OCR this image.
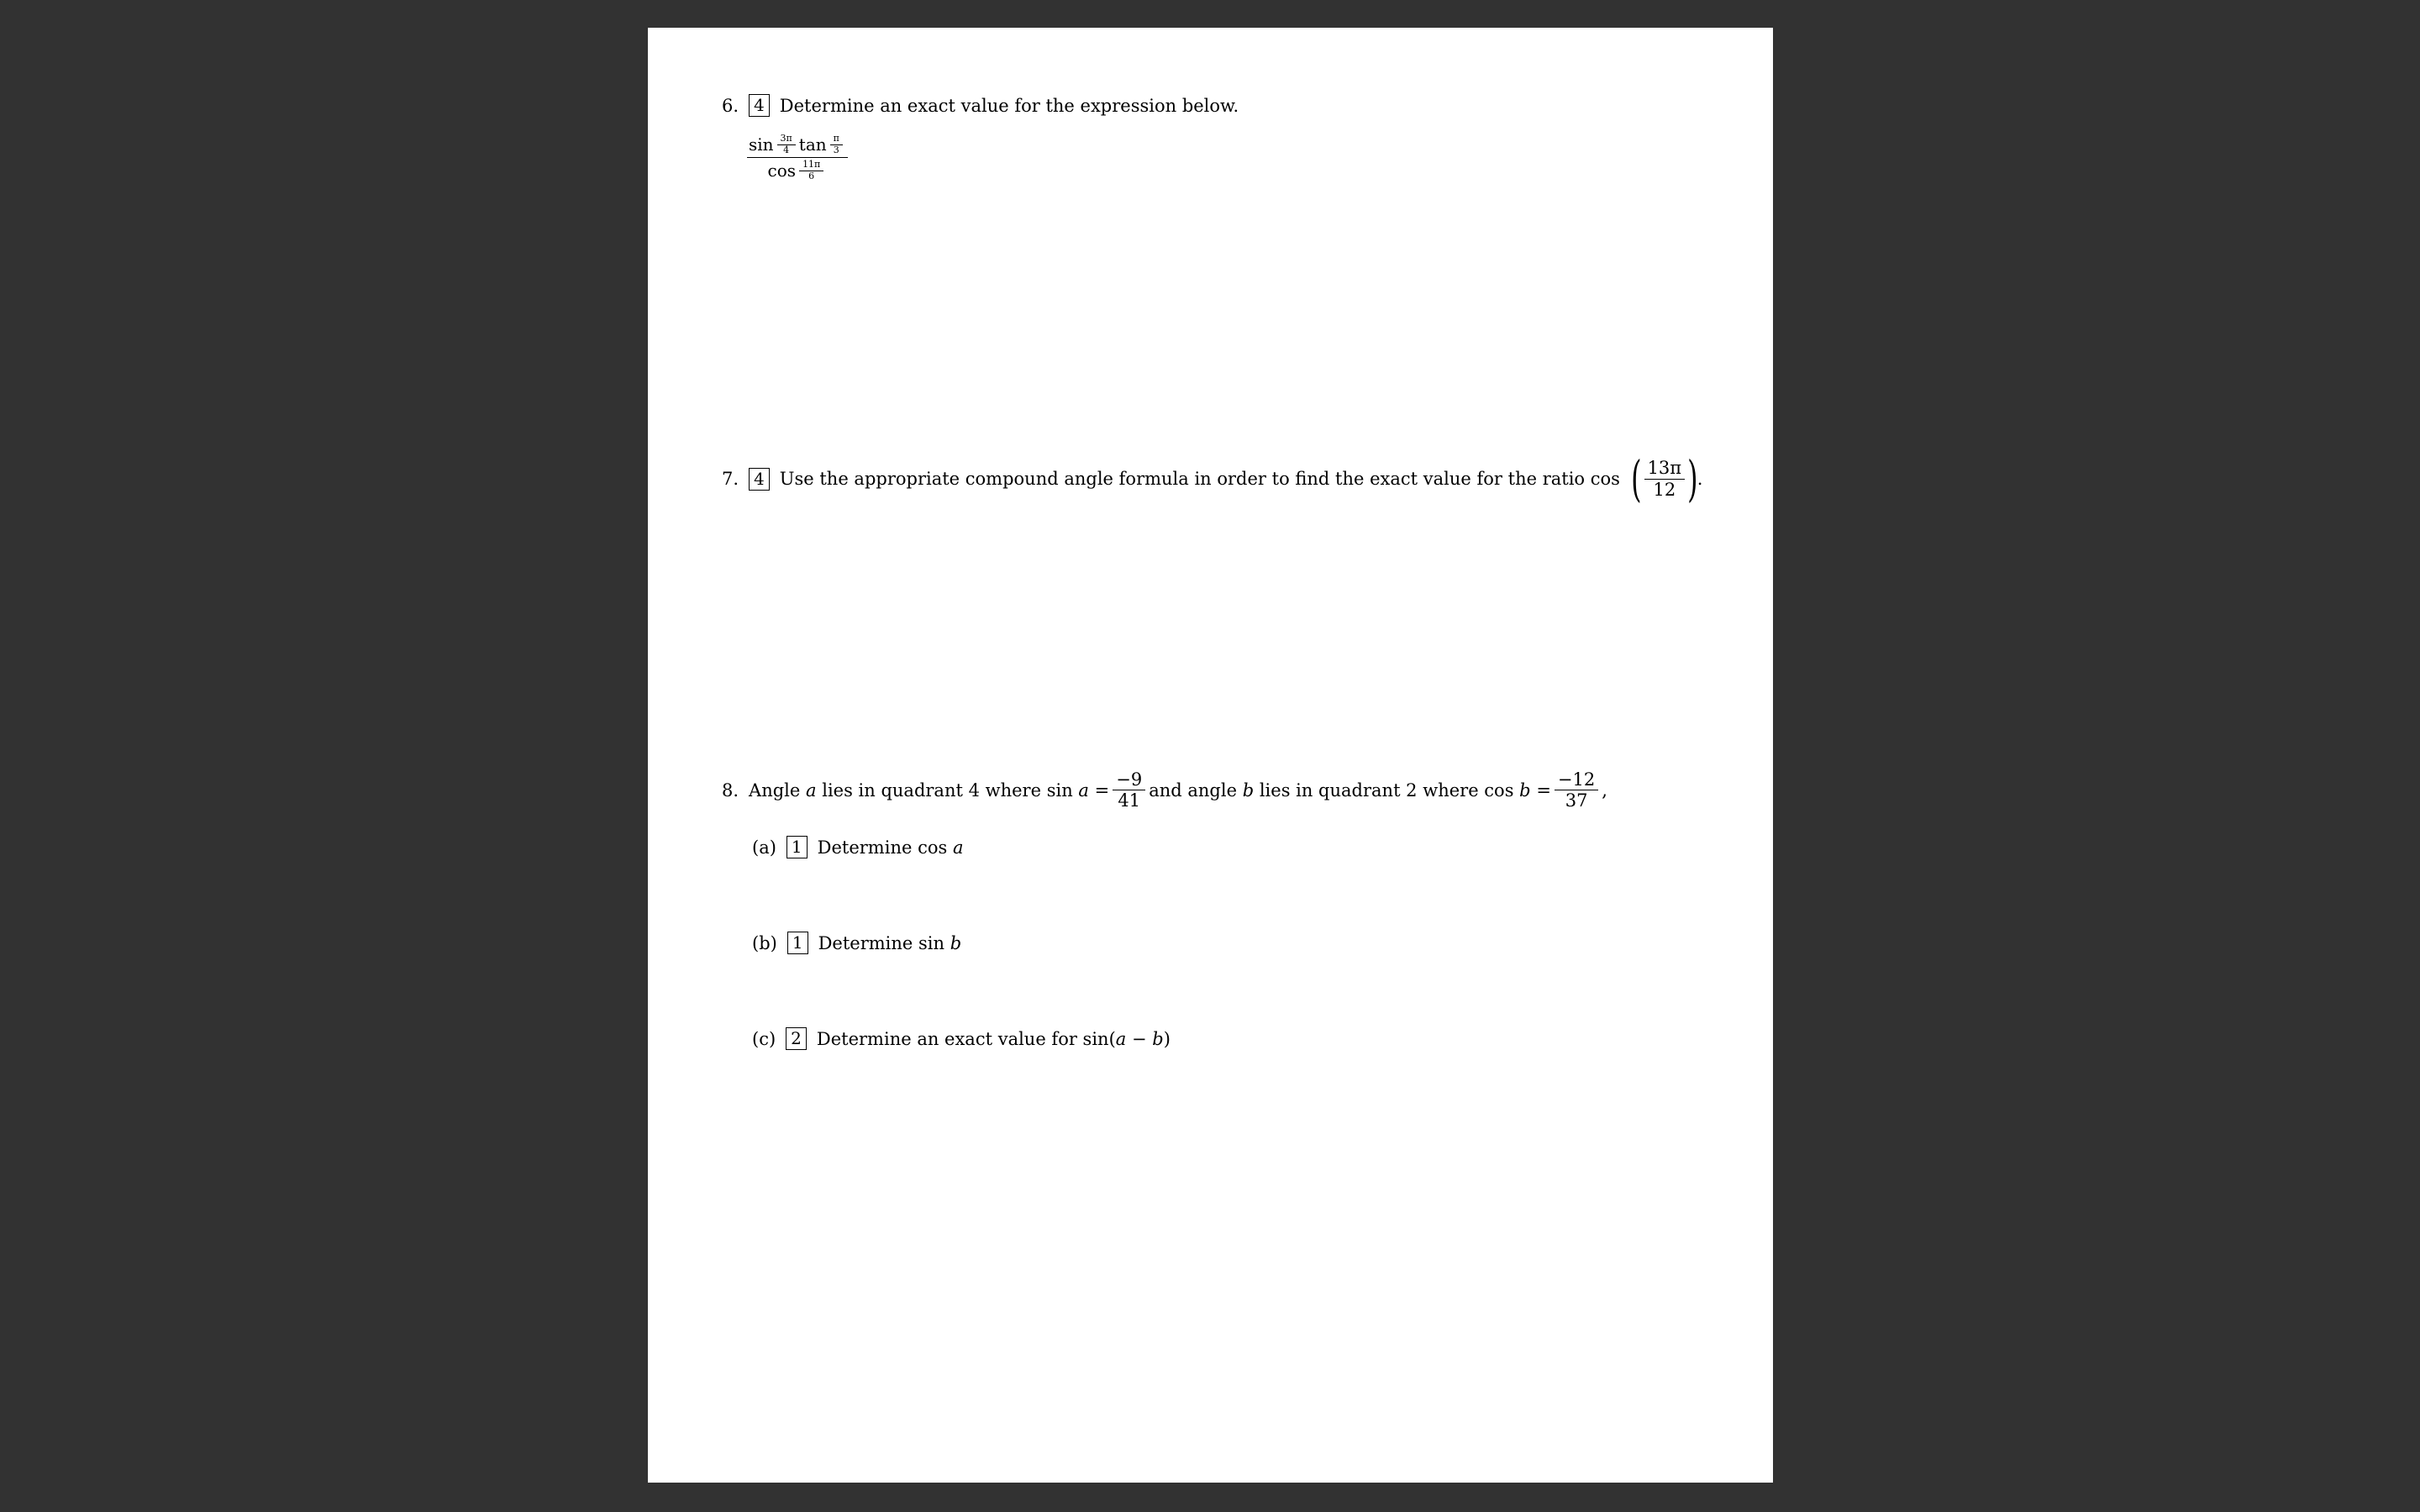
6. 4 Determine an exact value for the expression below.
$\sin \frac{3\pi}{4}$ $\tan \frac{\pi}{3}$
$\cos \frac{11\pi}{6}$
7. 4 Use the appropriate compound angle formula in order to find the exact value for the ratio cos ( $\frac{13\pi}{12}$ ) .
8. Angle
a
lies in quadrant 4 where sin
a
= $\frac{-9}{41}$ and angle
b
lies in quadrant 2 where cos
b
= $\frac{-12}{37}$ ,
(a) 1 Determine cos
a
(b) 1 Determine sin
b
(c) 2 Determine an exact value for sin( a − b )
